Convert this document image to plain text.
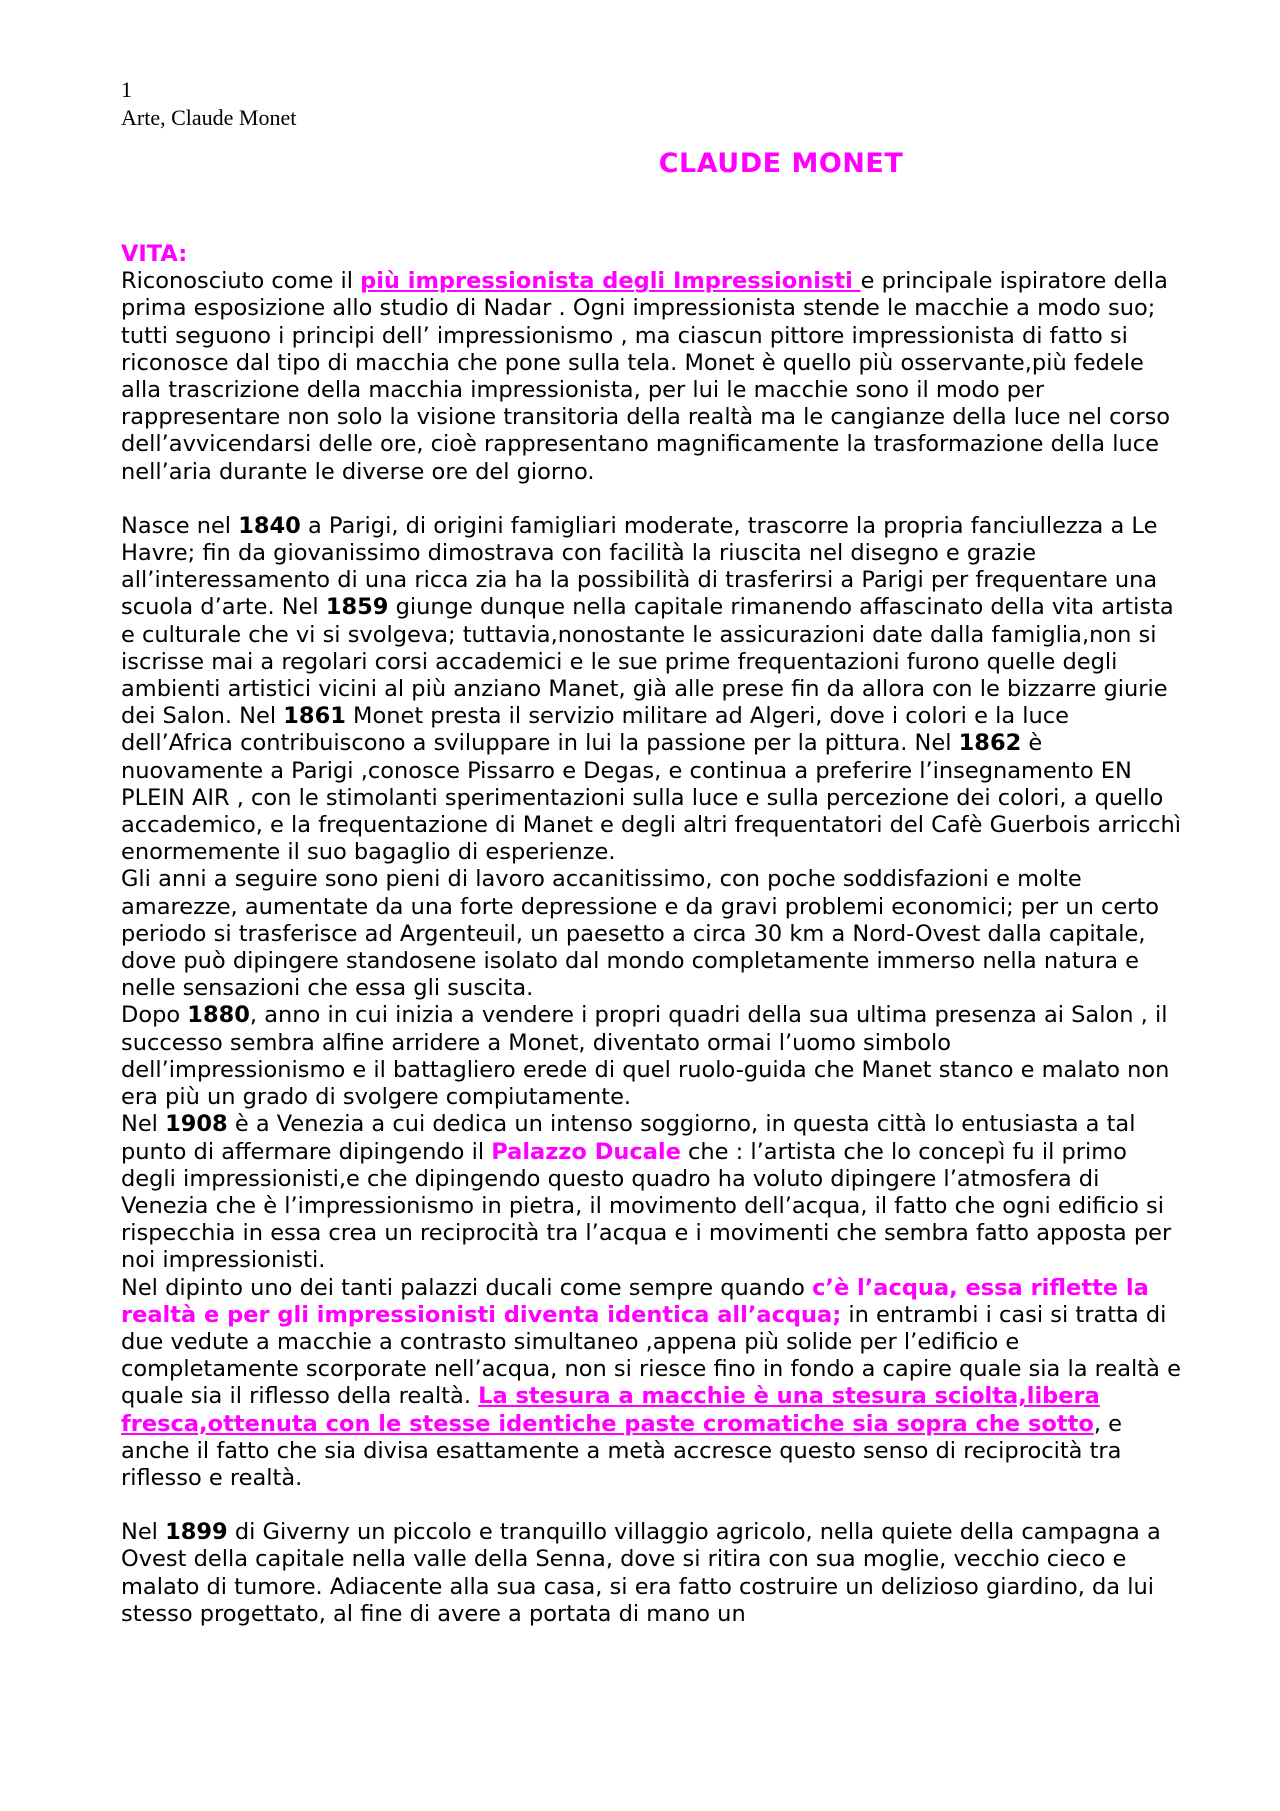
1
Arte, Claude Monet
CLAUDE MONET
VITA:

Riconosciuto come il più impressionista degli Impressionisti e principale ispiratore della prima esposizione allo studio di Nadar . Ogni impressionista stende le macchie a modo suo; tutti seguono i principi dell’ impressionismo , ma ciascun pittore impressionista di fatto si riconosce dal tipo di macchia che pone sulla tela. Monet è quello più osservante,più fedele alla trascrizione della macchia impressionista, per lui le macchie sono il modo per rappresentare non solo la visione transitoria della realtà ma le cangianze della luce nel corso dell’avvicendarsi delle ore, cioè rappresentano magnificamente la trasformazione della luce nell’aria durante le diverse ore del giorno.

Nasce nel 1840 a Parigi, di origini famigliari moderate, trascorre la propria fanciullezza a Le Havre; fin da giovanissimo dimostrava con facilità la riuscita nel disegno e grazie all’interessamento di una ricca zia ha la possibilità di trasferirsi a Parigi per frequentare una scuola d’arte. Nel 1859 giunge dunque nella capitale rimanendo affascinato della vita artista e culturale che vi si svolgeva; tuttavia,nonostante le assicurazioni date dalla famiglia,non si iscrisse mai a regolari corsi accademici e le sue prime frequentazioni furono quelle degli ambienti artistici vicini al più anziano Manet, già alle prese fin da allora con le bizzarre giurie dei Salon. Nel 1861 Monet presta il servizio militare ad Algeri, dove i colori e la luce dell’Africa contribuiscono a sviluppare in lui la passione per la pittura. Nel 1862 è nuovamente a Parigi ,conosce Pissarro e Degas, e continua a preferire l’insegnamento EN PLEIN AIR , con le stimolanti sperimentazioni sulla luce e sulla percezione dei colori, a quello accademico, e la frequentazione di Manet e degli altri frequentatori del Cafè Guerbois arricchì enormemente il suo bagaglio di esperienze.

Gli anni a seguire sono pieni di lavoro accanitissimo, con poche soddisfazioni e molte amarezze, aumentate da una forte depressione e da gravi problemi economici; per un certo periodo si trasferisce ad Argenteuil, un paesetto a circa 30 km a Nord-Ovest dalla capitale, dove può dipingere standosene isolato dal mondo completamente immerso nella natura e nelle sensazioni che essa gli suscita.

Dopo 1880, anno in cui inizia a vendere i propri quadri della sua ultima presenza ai Salon , il successo sembra alfine arridere a Monet, diventato ormai l’uomo simbolo dell’impressionismo e il battagliero erede di quel ruolo-guida che Manet stanco e malato non era più un grado di svolgere compiutamente.

Nel 1908 è a Venezia a cui dedica un intenso soggiorno, in questa città lo entusiasta a tal punto di affermare dipingendo il Palazzo Ducale che : l’artista che lo concepì fu il primo degli impressionisti,e che dipingendo questo quadro ha voluto dipingere l’atmosfera di Venezia che è l’impressionismo in pietra, il movimento dell’acqua, il fatto che ogni edificio si rispecchia in essa crea un reciprocità tra l’acqua e i movimenti che sembra fatto apposta per noi impressionisti.

Nel dipinto uno dei tanti palazzi ducali come sempre quando c’è l’acqua, essa riflette la realtà e per gli impressionisti diventa identica all’acqua; in entrambi i casi si tratta di due vedute a macchie a contrasto simultaneo ,appena più solide per l’edificio e completamente scorporate nell’acqua, non si riesce fino in fondo a capire quale sia la realtà e quale sia il riflesso della realtà. La stesura a macchie è una stesura sciolta,libera fresca,ottenuta con le stesse identiche paste cromatiche sia sopra che sotto, e anche il fatto che sia divisa esattamente a metà accresce questo senso di reciprocità tra riflesso e realtà.

Nel 1899 di Giverny un piccolo e tranquillo villaggio agricolo, nella quiete della campagna a Ovest della capitale nella valle della Senna, dove si ritira con sua moglie, vecchio cieco e malato di tumore. Adiacente alla sua casa, si era fatto costruire un delizioso giardino, da lui stesso progettato, al fine di avere a portata di mano un
